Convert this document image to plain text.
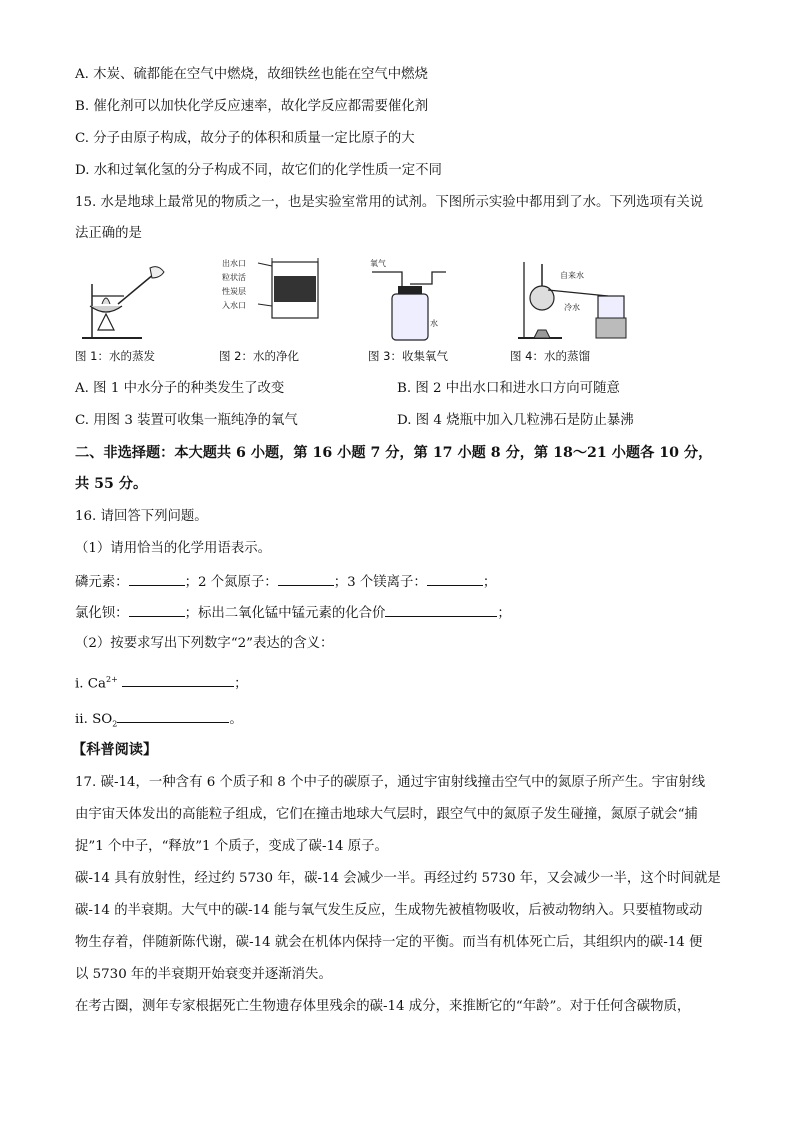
A. 木炭、硫都能在空气中燃烧，故细铁丝也能在空气中燃烧
B. 催化剂可以加快化学反应速率，故化学反应都需要催化剂
C. 分子由原子构成，故分子的体积和质量一定比原子的大
D. 水和过氧化氢的分子构成不同，故它们的化学性质一定不同
15. 水是地球上最常见的物质之一，也是实验室常用的试剂。下图所示实验中都用到了水。下列选项有关说
法正确的是
出水口
粒状活
性炭层
入水口
氧气
水
自来水
冷水
图 1：水的蒸发	图 2：水的净化	图 3：收集氧气	图 4：水的蒸馏
A. 图 1 中水分子的种类发生了改变	B. 图 2 中出水口和进水口方向可随意
C. 用图 3 装置可收集一瓶纯净的氧气	D. 图 4 烧瓶中加入几粒沸石是防止暴沸
二、非选择题：本大题共 6 小题，第 16 小题 7 分，第 17 小题 8 分，第 18～21 小题各 10 分，
共 55 分。
16. 请回答下列问题。
（1）请用恰当的化学用语表示。
磷元素：	；2 个氮原子：	；3 个镁离子：	；
氯化钡：	；标出二氧化锰中锰元素的化合价	；
（2）按要求写出下列数字“2”表达的含义：
ⅰ. $Ca^{2+}$	；
ⅱ. $SO_2$	。
【科普阅读】
17. 碳-14，一种含有 6 个质子和 8 个中子的碳原子，通过宇宙射线撞击空气中的氮原子所产生。宇宙射线
由宇宙天体发出的高能粒子组成，它们在撞击地球大气层时，跟空气中的氮原子发生碰撞，氮原子就会“捕
捉”1 个中子，“释放”1 个质子，变成了碳-14 原子。
碳-14 具有放射性，经过约 5730 年，碳-14 会减少一半。再经过约 5730 年，又会减少一半，这个时间就是
碳-14 的半衰期。大气中的碳-14 能与氧气发生反应，生成物先被植物吸收，后被动物纳入。只要植物或动
物生存着，伴随新陈代谢，碳-14 就会在机体内保持一定的平衡。而当有机体死亡后，其组织内的碳-14 便
以 5730 年的半衰期开始衰变并逐渐消失。
在考古圈，测年专家根据死亡生物遗存体里残余的碳-14 成分，来推断它的“年龄”。对于任何含碳物质，
